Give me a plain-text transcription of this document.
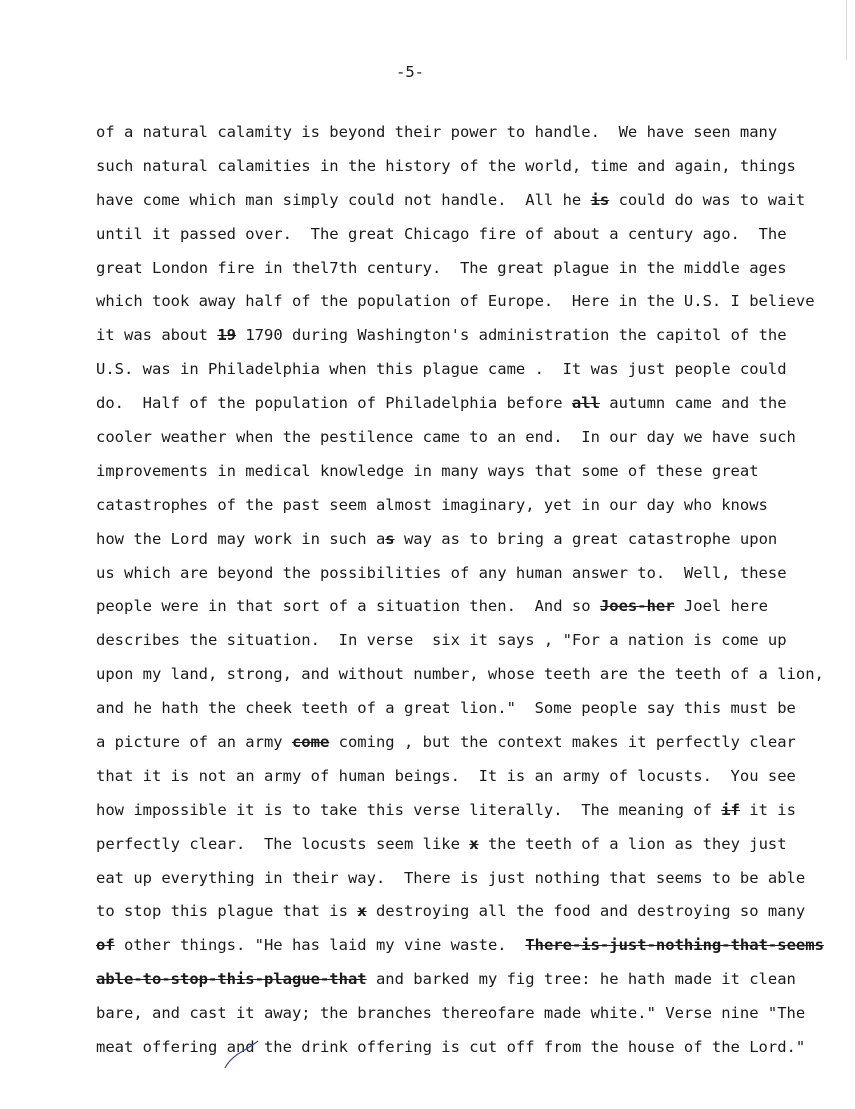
-5-
of a natural calamity is beyond their power to handle.  We have seen many
such natural calamities in the history of the world, time and again, things
have come which man simply could not handle.  All he is could do was to wait
until it passed over.  The great Chicago fire of about a century ago.  The
great London fire in thel7th century.  The great plague in the middle ages
which took away half of the population of Europe.  Here in the U.S. I believe
it was about 19 1790 during Washington's administration the capitol of the
U.S. was in Philadelphia when this plague came .  It was just people could
do.  Half of the population of Philadelphia before all autumn came and the
cooler weather when the pestilence came to an end.  In our day we have such
improvements in medical knowledge in many ways that some of these great
catastrophes of the past seem almost imaginary, yet in our day who knows
how the Lord may work in such as way as to bring a great catastrophe upon
us which are beyond the possibilities of any human answer to.  Well, these
people were in that sort of a situation then.  And so Joes-her Joel here
describes the situation.  In verse  six it says , "For a nation is come up
upon my land, strong, and without number, whose teeth are the teeth of a lion,
and he hath the cheek teeth of a great lion."  Some people say this must be
a picture of an army come coming , but the context makes it perfectly clear
that it is not an army of human beings.  It is an army of locusts.  You see
how impossible it is to take this verse literally.  The meaning of if it is
perfectly clear.  The locusts seem like x the teeth of a lion as they just
eat up everything in their way.  There is just nothing that seems to be able
to stop this plague that is x destroying all the food and destroying so many
of other things. "He has laid my vine waste.  There-is-just-nothing-that-seems
able-to-stop-this-plague-that and barked my fig tree: he hath made it clean
bare, and cast it away; the branches thereofare made white." Verse nine "The
meat offering and the drink offering is cut off from the house of the Lord."
